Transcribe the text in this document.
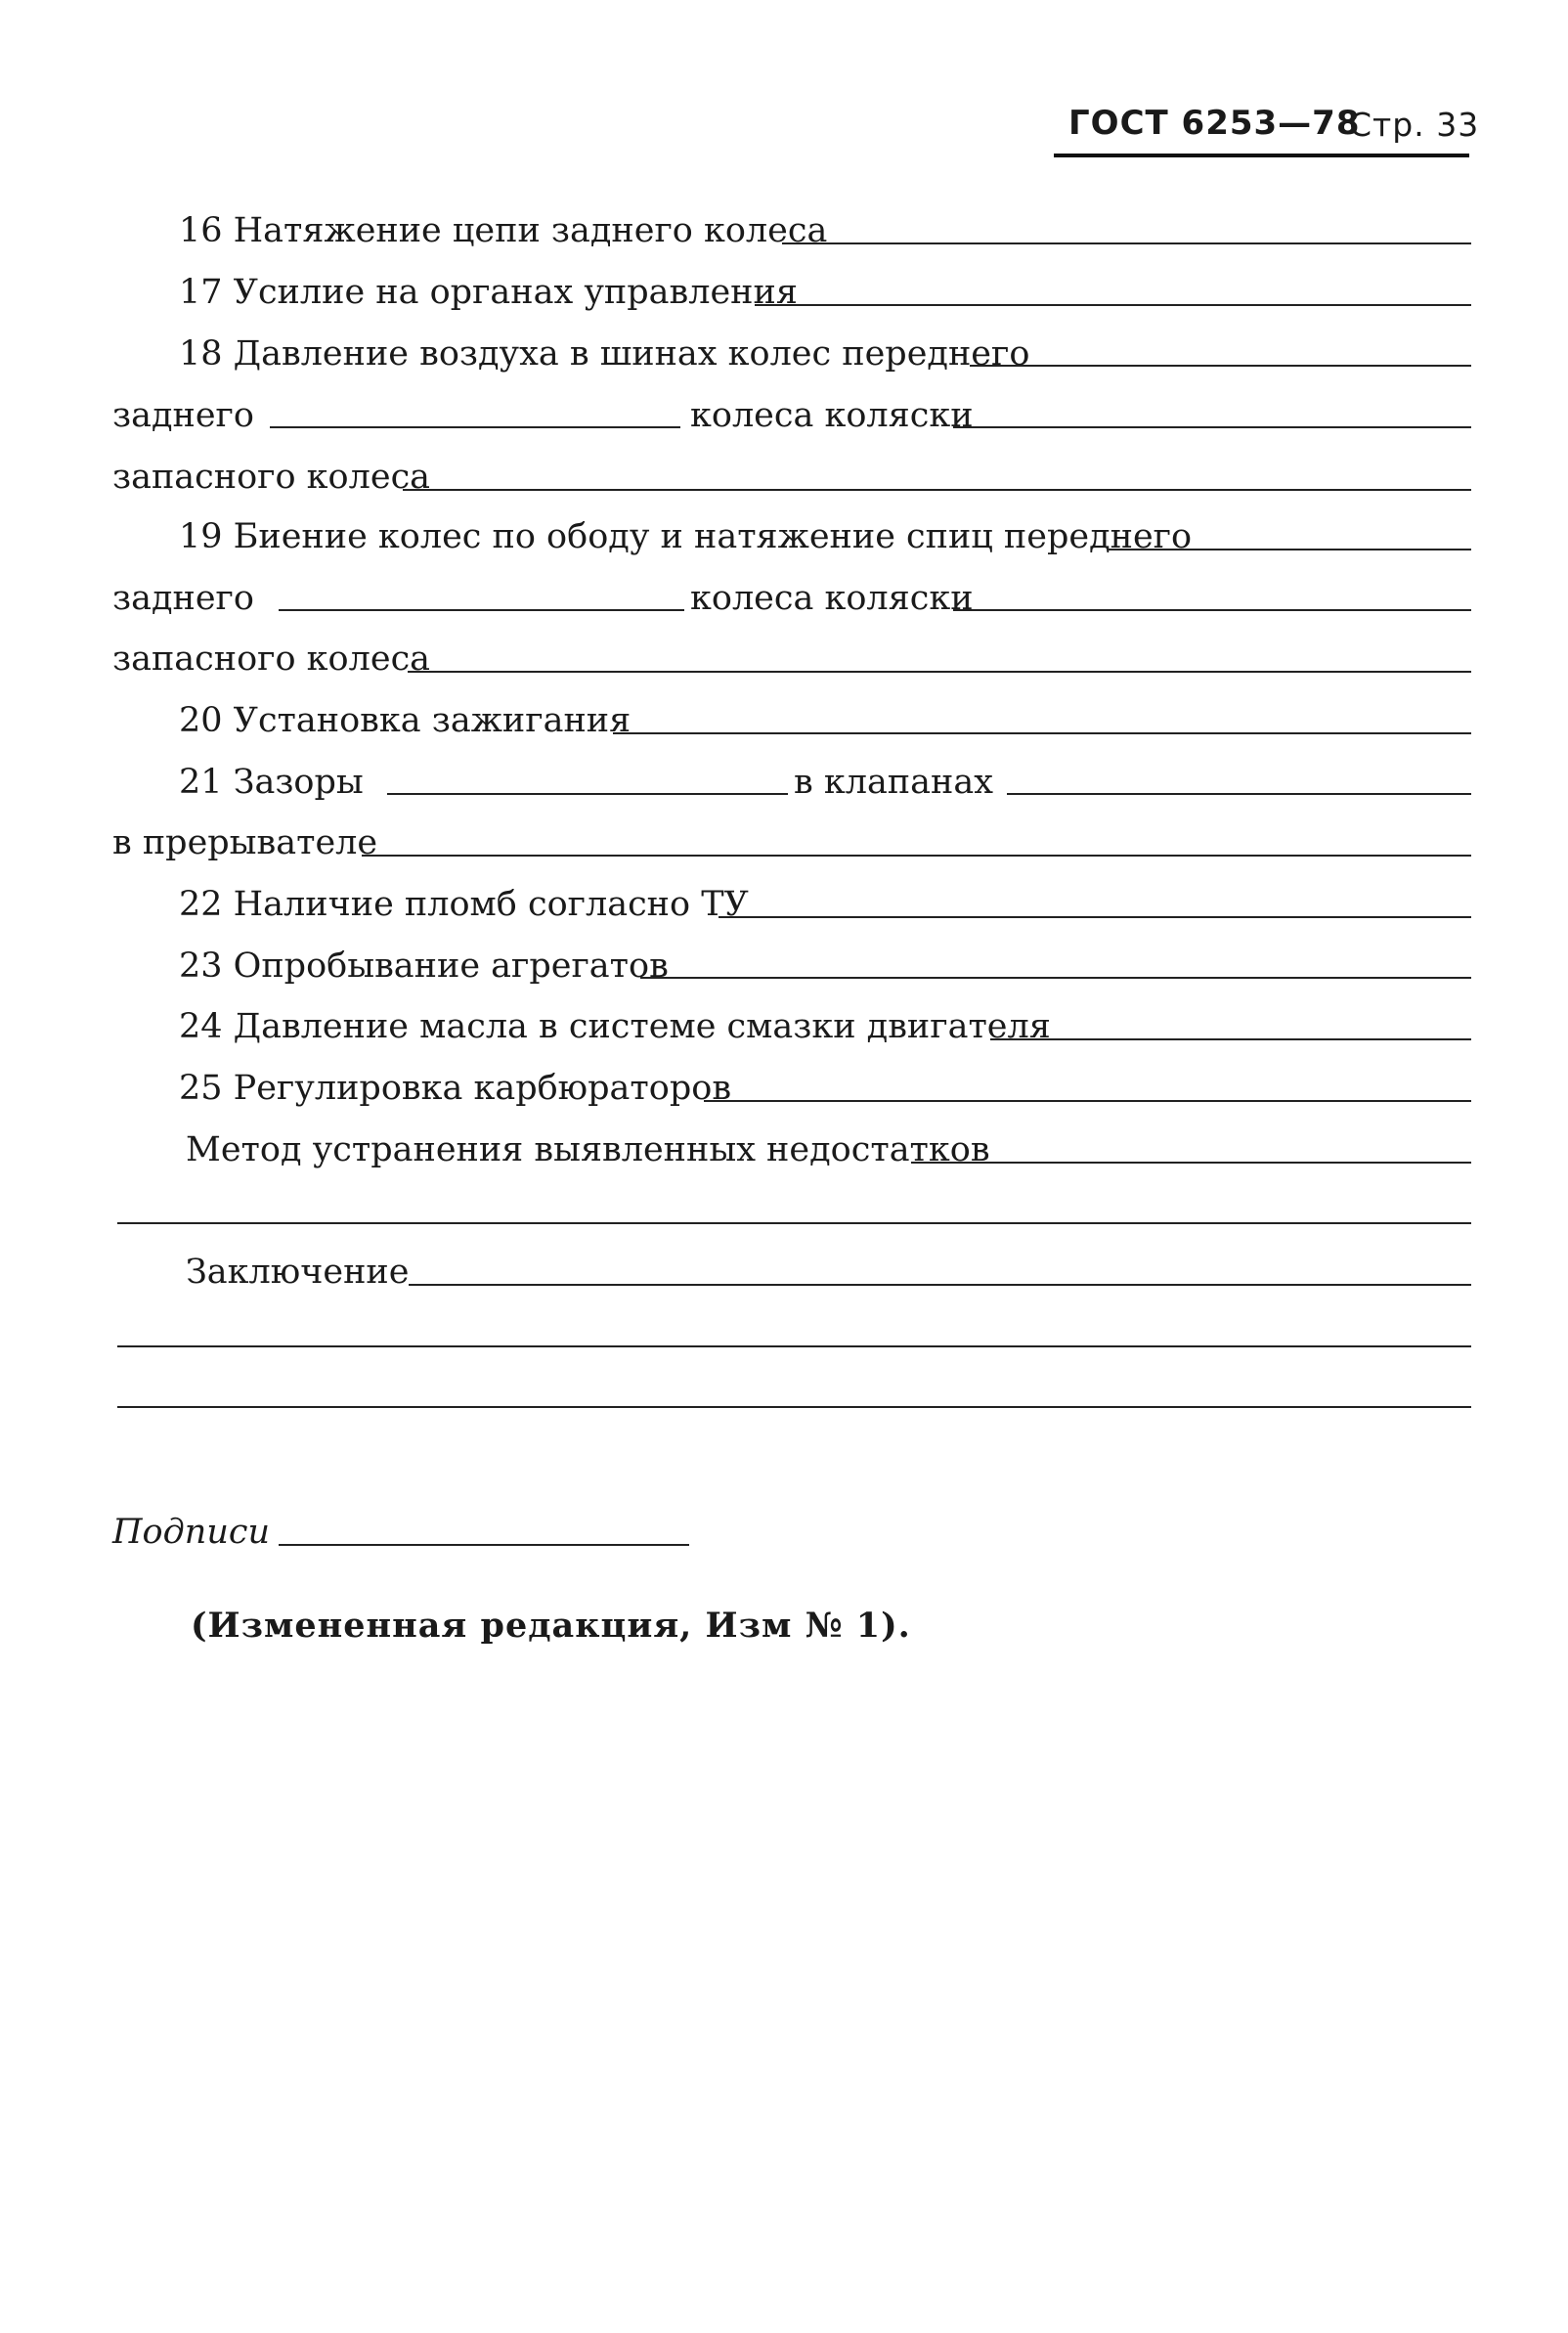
ГОСТ 6253—78
Стр. 33
16 Натяжение цепи заднего колеса
17 Усилие на органах управления
18 Давление воздуха в шинах колес переднего
заднего	колеса коляски
запасного колеса
19 Биение колес по ободу и натяжение спиц переднего
заднего	колеса коляски
запасного колеса
20 Установка зажигания
21 Зазоры	в клапанах
в прерывателе
22 Наличие пломб согласно ТУ
23 Опробывание агрегатов
24 Давление масла в системе смазки двигателя
25 Регулировка карбюраторов
Метод устранения выявленных недостатков
Заключение
Подписи
(Измененная редакция, Изм № 1).
